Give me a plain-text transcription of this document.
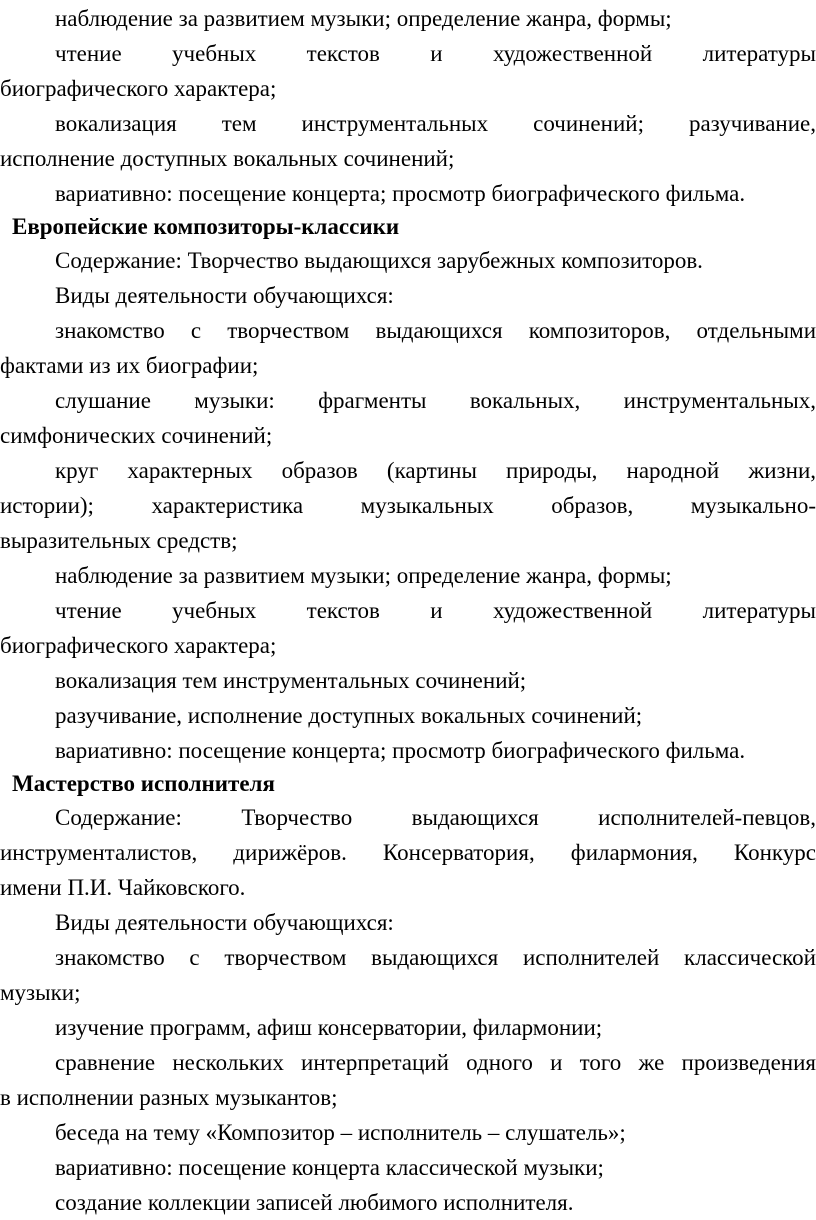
наблюдение за развитием музыки; определение жанра, формы;
чтение учебных текстов и художественной литературы
биографического характера;
вокализация тем инструментальных сочинений; разучивание,
исполнение доступных вокальных сочинений;
вариативно: посещение концерта; просмотр биографического фильма.
Европейские композиторы-классики
Содержание: Творчество выдающихся зарубежных композиторов.
Виды деятельности обучающихся:
знакомство с творчеством выдающихся композиторов, отдельными
фактами из их биографии;
слушание музыки: фрагменты вокальных, инструментальных,
симфонических сочинений;
круг характерных образов (картины природы, народной жизни,
истории); характеристика музыкальных образов, музыкально-
выразительных средств;
наблюдение за развитием музыки; определение жанра, формы;
чтение учебных текстов и художественной литературы
биографического характера;
вокализация тем инструментальных сочинений;
разучивание, исполнение доступных вокальных сочинений;
вариативно: посещение концерта; просмотр биографического фильма.
Мастерство исполнителя
Содержание: Творчество выдающихся исполнителей-певцов,
инструменталистов, дирижёров. Консерватория, филармония, Конкурс
имени П.И. Чайковского.
Виды деятельности обучающихся:
знакомство с творчеством выдающихся исполнителей классической
музыки;
изучение программ, афиш консерватории, филармонии;
сравнение нескольких интерпретаций одного и того же произведения
в исполнении разных музыкантов;
беседа на тему «Композитор – исполнитель – слушатель»;
вариативно: посещение концерта классической музыки;
создание коллекции записей любимого исполнителя.
